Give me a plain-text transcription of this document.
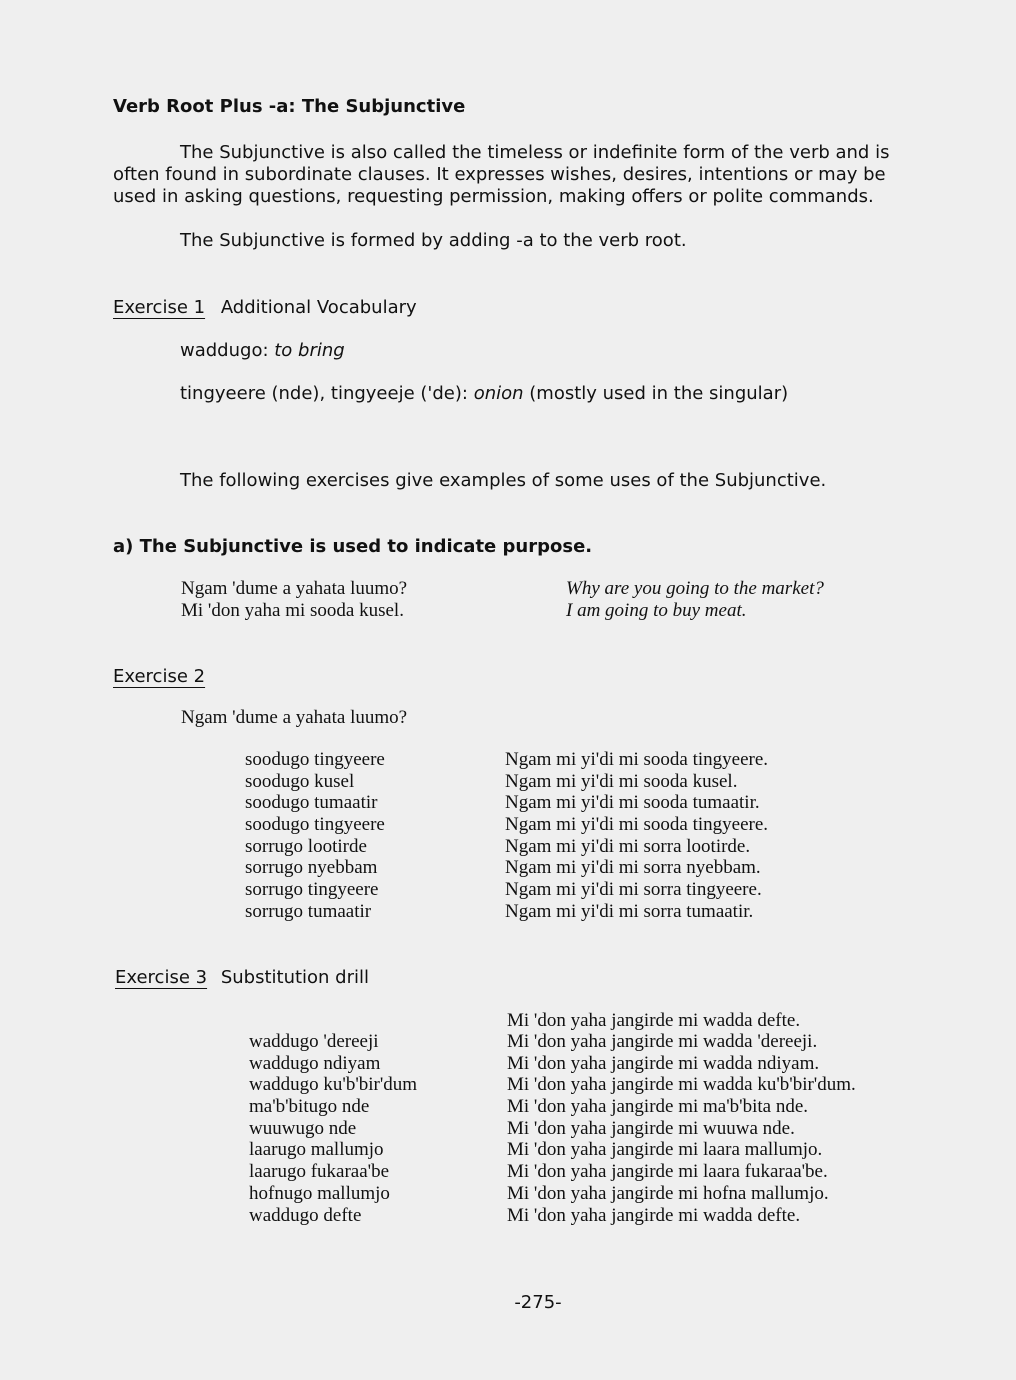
Verb Root Plus -a: The Subjunctive

The Subjunctive is also called the timeless or indefinite form of the verb and is often found in subordinate clauses. It expresses wishes, desires, intentions or may be used in asking questions, requesting permission, making offers or polite commands.

The Subjunctive is formed by adding -a to the verb root.
Exercise 1 Additional Vocabulary
waddugo: to bring
tingyeere (nde), tingyeeje ('de): onion (mostly used in the singular)
The following exercises give examples of some uses of the Subjunctive.
a) The Subjunctive is used to indicate purpose.
Ngam 'dume a yahata luumo?
Mi 'don yaha mi sooda kusel.
Why are you going to the market?
I am going to buy meat.
Exercise 2
Ngam 'dume a yahata luumo?
soodugo tingyeere
soodugo kusel
soodugo tumaatir
soodugo tingyeere
sorrugo lootirde
sorrugo nyebbam
sorrugo tingyeere
sorrugo tumaatir
Ngam mi yi'di mi sooda tingyeere.
Ngam mi yi'di mi sooda kusel.
Ngam mi yi'di mi sooda tumaatir.
Ngam mi yi'di mi sooda tingyeere.
Ngam mi yi'di mi sorra lootirde.
Ngam mi yi'di mi sorra nyebbam.
Ngam mi yi'di mi sorra tingyeere.
Ngam mi yi'di mi sorra tumaatir.
Exercise 3 Substitution drill
Mi 'don yaha jangirde mi wadda defte.
waddugo 'dereeji
waddugo ndiyam
waddugo ku'b'bir'dum
ma'b'bitugo nde
wuuwugo nde
laarugo mallumjo
laarugo fukaraa'be
hofnugo mallumjo
waddugo defte
Mi 'don yaha jangirde mi wadda 'dereeji.
Mi 'don yaha jangirde mi wadda ndiyam.
Mi 'don yaha jangirde mi wadda ku'b'bir'dum.
Mi 'don yaha jangirde mi ma'b'bita nde.
Mi 'don yaha jangirde mi wuuwa nde.
Mi 'don yaha jangirde mi laara mallumjo.
Mi 'don yaha jangirde mi laara fukaraa'be.
Mi 'don yaha jangirde mi hofna mallumjo.
Mi 'don yaha jangirde mi wadda defte.
-275-
